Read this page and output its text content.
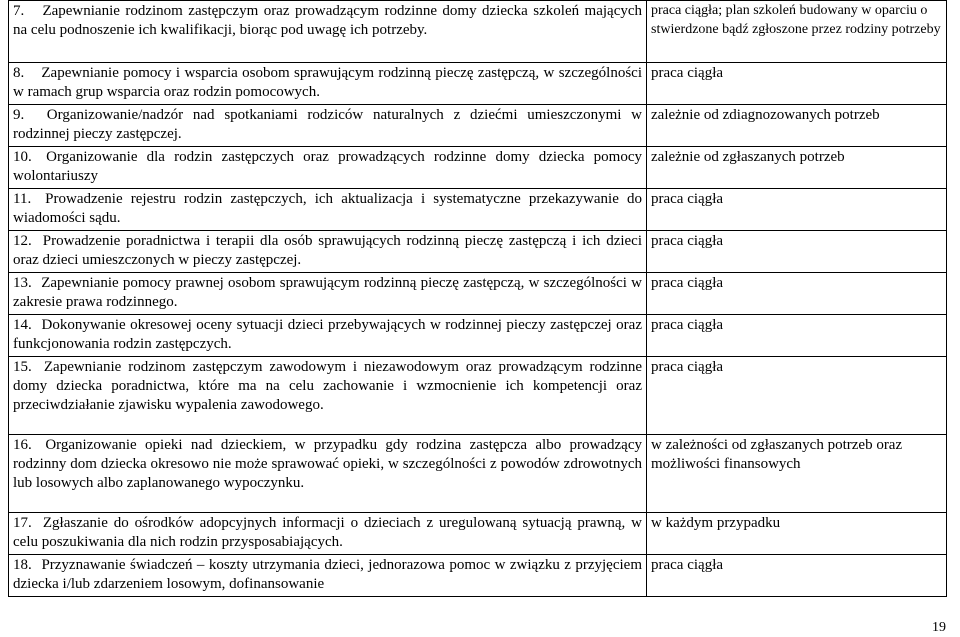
7. Zapewnianie rodzinom zastępczym oraz prowadzącym rodzinne domy dziecka szkoleń mających na celu podnoszenie ich kwalifikacji, biorąc pod uwagę ich potrzeby.	praca ciągła; plan szkoleń budowany w oparciu o stwierdzone bądź zgłoszone przez rodziny potrzeby
8. Zapewnianie pomocy i wsparcia osobom sprawującym rodzinną pieczę zastępczą, w szczególności w ramach grup wsparcia oraz rodzin pomocowych.	praca ciągła
9. Organizowanie/nadzór nad spotkaniami rodziców naturalnych z dziećmi umieszczonymi w rodzinnej pieczy zastępczej.	zależnie od zdiagnozowanych potrzeb
10. Organizowanie dla rodzin zastępczych oraz prowadzących rodzinne domy dziecka pomocy wolontariuszy	zależnie od zgłaszanych potrzeb
11. Prowadzenie rejestru rodzin zastępczych, ich aktualizacja i systematyczne przekazywanie do wiadomości sądu.	praca ciągła
12. Prowadzenie poradnictwa i terapii dla osób sprawujących rodzinną pieczę zastępczą i ich dzieci oraz dzieci umieszczonych w pieczy zastępczej.	praca ciągła
13. Zapewnianie pomocy prawnej osobom sprawującym rodzinną pieczę zastępczą, w szczególności w zakresie prawa rodzinnego.	praca ciągła
14. Dokonywanie okresowej oceny sytuacji dzieci przebywających w rodzinnej pieczy zastępczej oraz funkcjonowania rodzin zastępczych.	praca ciągła
15. Zapewnianie rodzinom zastępczym zawodowym i niezawodowym oraz prowadzącym rodzinne domy dziecka poradnictwa, które ma na celu zachowanie i wzmocnienie ich kompetencji oraz przeciwdziałanie zjawisku wypalenia zawodowego.	praca ciągła
16. Organizowanie opieki nad dzieckiem, w przypadku gdy rodzina zastępcza albo prowadzący rodzinny dom dziecka okresowo nie może sprawować opieki, w szczególności z powodów zdrowotnych lub losowych albo zaplanowanego wypoczynku.	w zależności od zgłaszanych potrzeb oraz możliwości finansowych
17. Zgłaszanie do ośrodków adopcyjnych informacji o dzieciach z uregulowaną sytuacją prawną, w celu poszukiwania dla nich rodzin przysposabiających.	w każdym przypadku
18. Przyznawanie świadczeń – koszty utrzymania dzieci, jednorazowa pomoc w związku z przyjęciem dziecka i/lub zdarzeniem losowym, dofinansowanie	praca ciągła
19
